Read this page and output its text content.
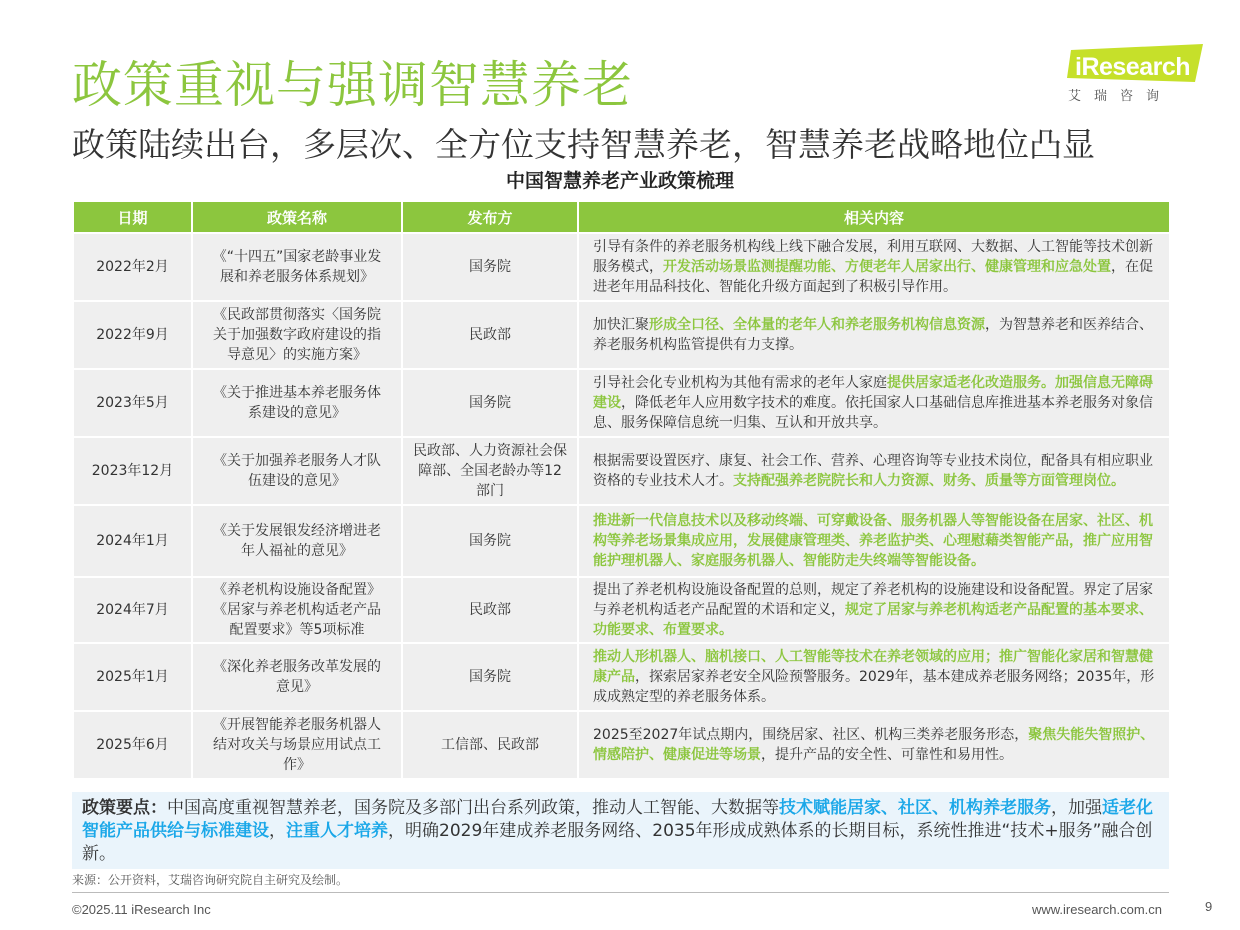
政策重视与强调智慧养老
政策陆续出台，多层次、全方位支持智慧养老，智慧养老战略地位凸显
iResearch
艾瑞咨询
中国智慧养老产业政策梳理
日期	政策名称	发布方	相关内容
2022年2月	《“十四五”国家老龄事业发展和养老服务体系规划》	国务院	引导有条件的养老服务机构线上线下融合发展，利用互联网、大数据、人工智能等技术创新服务模式，开发活动场景监测提醒功能、方便老年人居家出行、健康管理和应急处置，在促进老年用品科技化、智能化升级方面起到了积极引导作用。
2022年9月	《民政部贯彻落实〈国务院关于加强数字政府建设的指导意见〉的实施方案》	民政部	加快汇聚形成全口径、全体量的老年人和养老服务机构信息资源，为智慧养老和医养结合、养老服务机构监管提供有力支撑。
2023年5月	《关于推进基本养老服务体系建设的意见》	国务院	引导社会化专业机构为其他有需求的老年人家庭提供居家适老化改造服务。加强信息无障碍建设，降低老年人应用数字技术的难度。依托国家人口基础信息库推进基本养老服务对象信息、服务保障信息统一归集、互认和开放共享。
2023年12月	《关于加强养老服务人才队伍建设的意见》	民政部、人力资源社会保障部、全国老龄办等12部门	根据需要设置医疗、康复、社会工作、营养、心理咨询等专业技术岗位，配备具有相应职业资格的专业技术人才。支持配强养老院院长和人力资源、财务、质量等方面管理岗位。
2024年1月	《关于发展银发经济增进老年人福祉的意见》	国务院	推进新一代信息技术以及移动终端、可穿戴设备、服务机器人等智能设备在居家、社区、机构等养老场景集成应用，发展健康管理类、养老监护类、心理慰藉类智能产品，推广应用智能护理机器人、家庭服务机器人、智能防走失终端等智能设备。
2024年7月	《养老机构设施设备配置》《居家与养老机构适老产品配置要求》等5项标准	民政部	提出了养老机构设施设备配置的总则，规定了养老机构的设施建设和设备配置。界定了居家与养老机构适老产品配置的术语和定义，规定了居家与养老机构适老产品配置的基本要求、功能要求、布置要求。
2025年1月	《深化养老服务改革发展的意见》	国务院	推动人形机器人、脑机接口、人工智能等技术在养老领域的应用；推广智能化家居和智慧健康产品，探索居家养老安全风险预警服务。2029年，基本建成养老服务网络；2035年，形成成熟定型的养老服务体系。
2025年6月	《开展智能养老服务机器人结对攻关与场景应用试点工作》	工信部、民政部	2025至2027年试点期内，围绕居家、社区、机构三类养老服务形态，聚焦失能失智照护、情感陪护、健康促进等场景，提升产品的安全性、可靠性和易用性。
政策要点：中国高度重视智慧养老，国务院及多部门出台系列政策，推动人工智能、大数据等技术赋能居家、社区、机构养老服务，加强适老化智能产品供给与标准建设，注重人才培养，明确2029年建成养老服务网络、2035年形成成熟体系的长期目标，系统性推进“技术+服务”融合创新。
来源：公开资料，艾瑞咨询研究院自主研究及绘制。
©2025.11 iResearch Inc	www.iresearch.com.cn	9
